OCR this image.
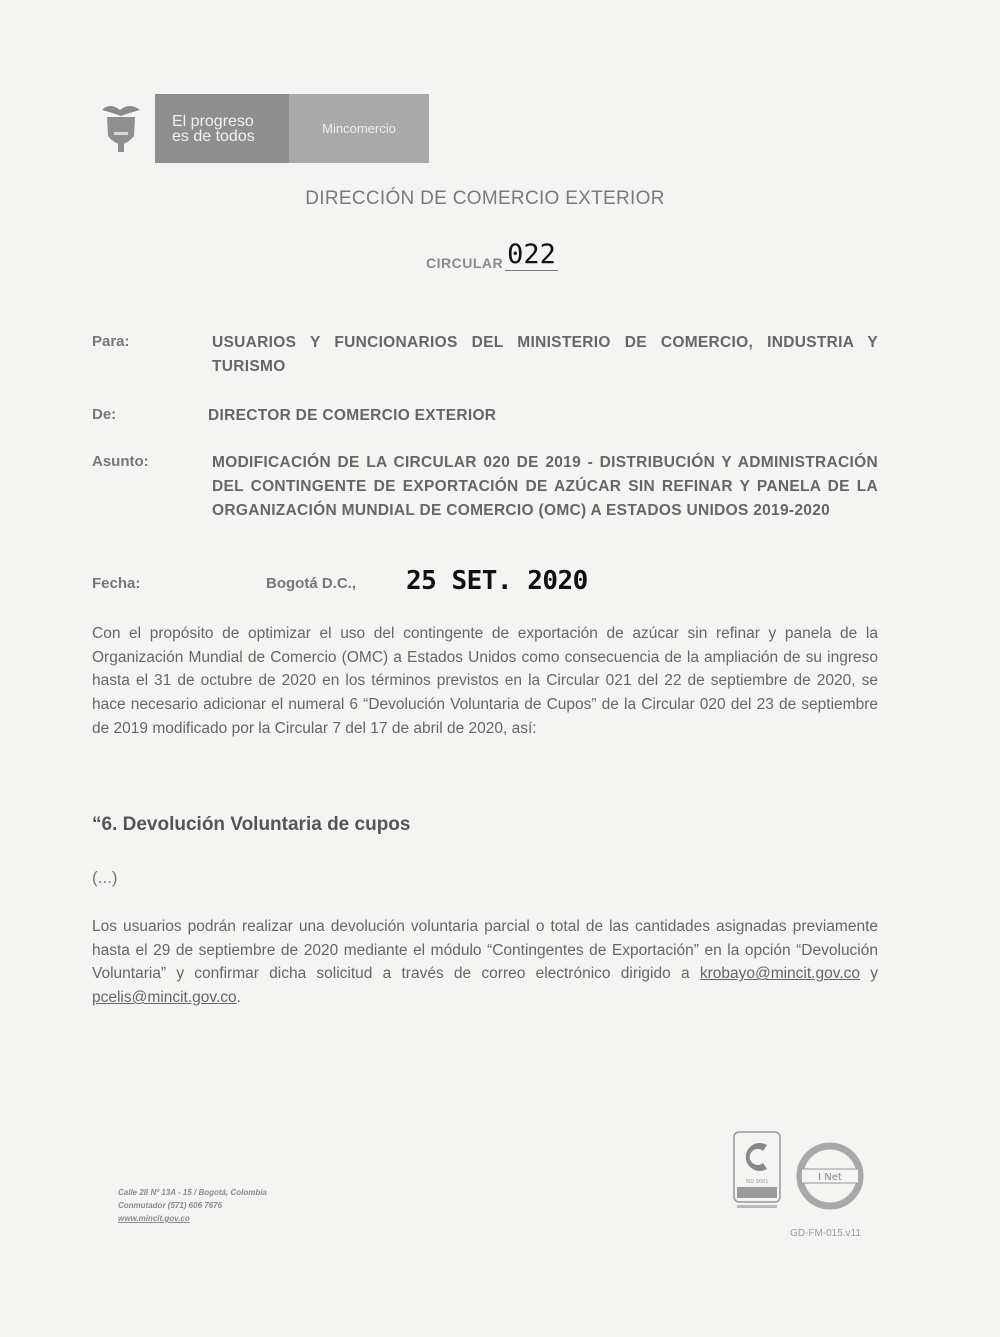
El progreso
es de todos	Mincomercio
DIRECCIÓN DE COMERCIO EXTERIOR
CIRCULAR 022
Para:	USUARIOS Y FUNCIONARIOS DEL MINISTERIO DE COMERCIO, INDUSTRIA Y TURISMO
De:	DIRECTOR DE COMERCIO EXTERIOR
Asunto:	MODIFICACIÓN DE LA CIRCULAR 020 DE 2019 - DISTRIBUCIÓN Y ADMINISTRACIÓN DEL CONTINGENTE DE EXPORTACIÓN DE AZÚCAR SIN REFINAR Y PANELA DE LA ORGANIZACIÓN MUNDIAL DE COMERCIO (OMC) A ESTADOS UNIDOS 2019-2020
Fecha:	Bogotá D.C., 25 SET. 2020
Con el propósito de optimizar el uso del contingente de exportación de azúcar sin refinar y panela de la Organización Mundial de Comercio (OMC) a Estados Unidos como consecuencia de la ampliación de su ingreso hasta el 31 de octubre de 2020 en los términos previstos en la Circular 021 del 22 de septiembre de 2020, se hace necesario adicionar el numeral 6 “Devolución Voluntaria de Cupos” de la Circular 020 del 23 de septiembre de 2019 modificado por la Circular 7 del 17 de abril de 2020, así:
“6. Devolución Voluntaria de cupos
(...)
Los usuarios podrán realizar una devolución voluntaria parcial o total de las cantidades asignadas previamente hasta el 29 de septiembre de 2020 mediante el módulo “Contingentes de Exportación” en la opción “Devolución Voluntaria” y confirmar dicha solicitud a través de correo electrónico dirigido a krobayo@mincit.gov.co y pcelis@mincit.gov.co.
Calle 28 Nº 13A - 15 / Bogotá, Colombia
Conmutador (571) 606 7676
www.mincit.gov.co
ISO 9001	I Net
GD-FM-015.v11
